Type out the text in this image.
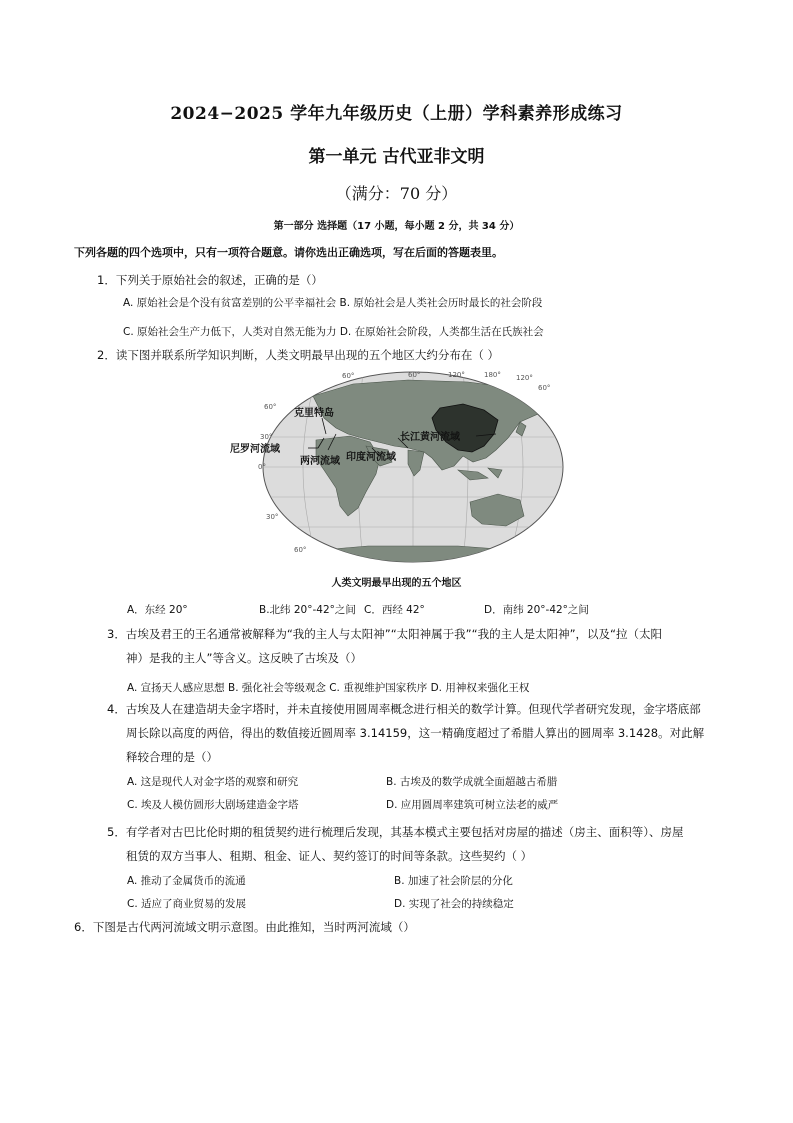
2024−2025 学年九年级历史（上册）学科素养形成练习
第一单元 古代亚非文明
（满分：70 分）
第一部分 选择题（17 小题，每小题 2 分，共 34 分）
下列各题的四个选项中，只有一项符合题意。请你选出正确选项，写在后面的答题表里。
1．下列关于原始社会的叙述，正确的是（）
A. 原始社会是个没有贫富差别的公平幸福社会 B. 原始社会是人类社会历时最长的社会阶段
C. 原始社会生产力低下，人类对自然无能为力 D. 在原始社会阶段，人类都生活在氏族社会
2．读下图并联系所学知识判断，人类文明最早出现的五个地区大约分布在（ ）
克里特岛
尼罗河流域
两河流域 印度河流域
长江黄河流域
60°
30°
0°
30°
60°
60°	60°	120°	180° 120°
60°
人类文明最早出现的五个地区
A．东经 20°	B.北纬 20°-42°之间 C．西经 42°	D．南纬 20°-42°之间
3．古埃及君王的王名通常被解释为“我的主人与太阳神”“太阳神属于我”“我的主人是太阳神”，以及“拉（太阳
神）是我的主人”等含义。这反映了古埃及（）
A. 宣扬天人感应思想 B. 强化社会等级观念 C. 重视维护国家秩序 D. 用神权来强化王权
4．古埃及人在建造胡夫金字塔时，并未直接使用圆周率概念进行相关的数学计算。但现代学者研究发现，金字塔底部
周长除以高度的两倍，得出的数值接近圆周率 3.14159，这一精确度超过了希腊人算出的圆周率 3.1428。对此解
释较合理的是（）
A. 这是现代人对金字塔的观察和研究	B. 古埃及的数学成就全面超越古希腊
C. 埃及人模仿圆形大剧场建造金字塔	D. 应用圆周率建筑可树立法老的威严
5．有学者对古巴比伦时期的租赁契约进行梳理后发现，其基本模式主要包括对房屋的描述（房主、面积等）、房屋
租赁的双方当事人、租期、租金、证人、契约签订的时间等条款。这些契约（ ）
A. 推动了金属货币的流通	B. 加速了社会阶层的分化
C. 适应了商业贸易的发展	D. 实现了社会的持续稳定
6．下图是古代两河流域文明示意图。由此推知，当时两河流域（）
